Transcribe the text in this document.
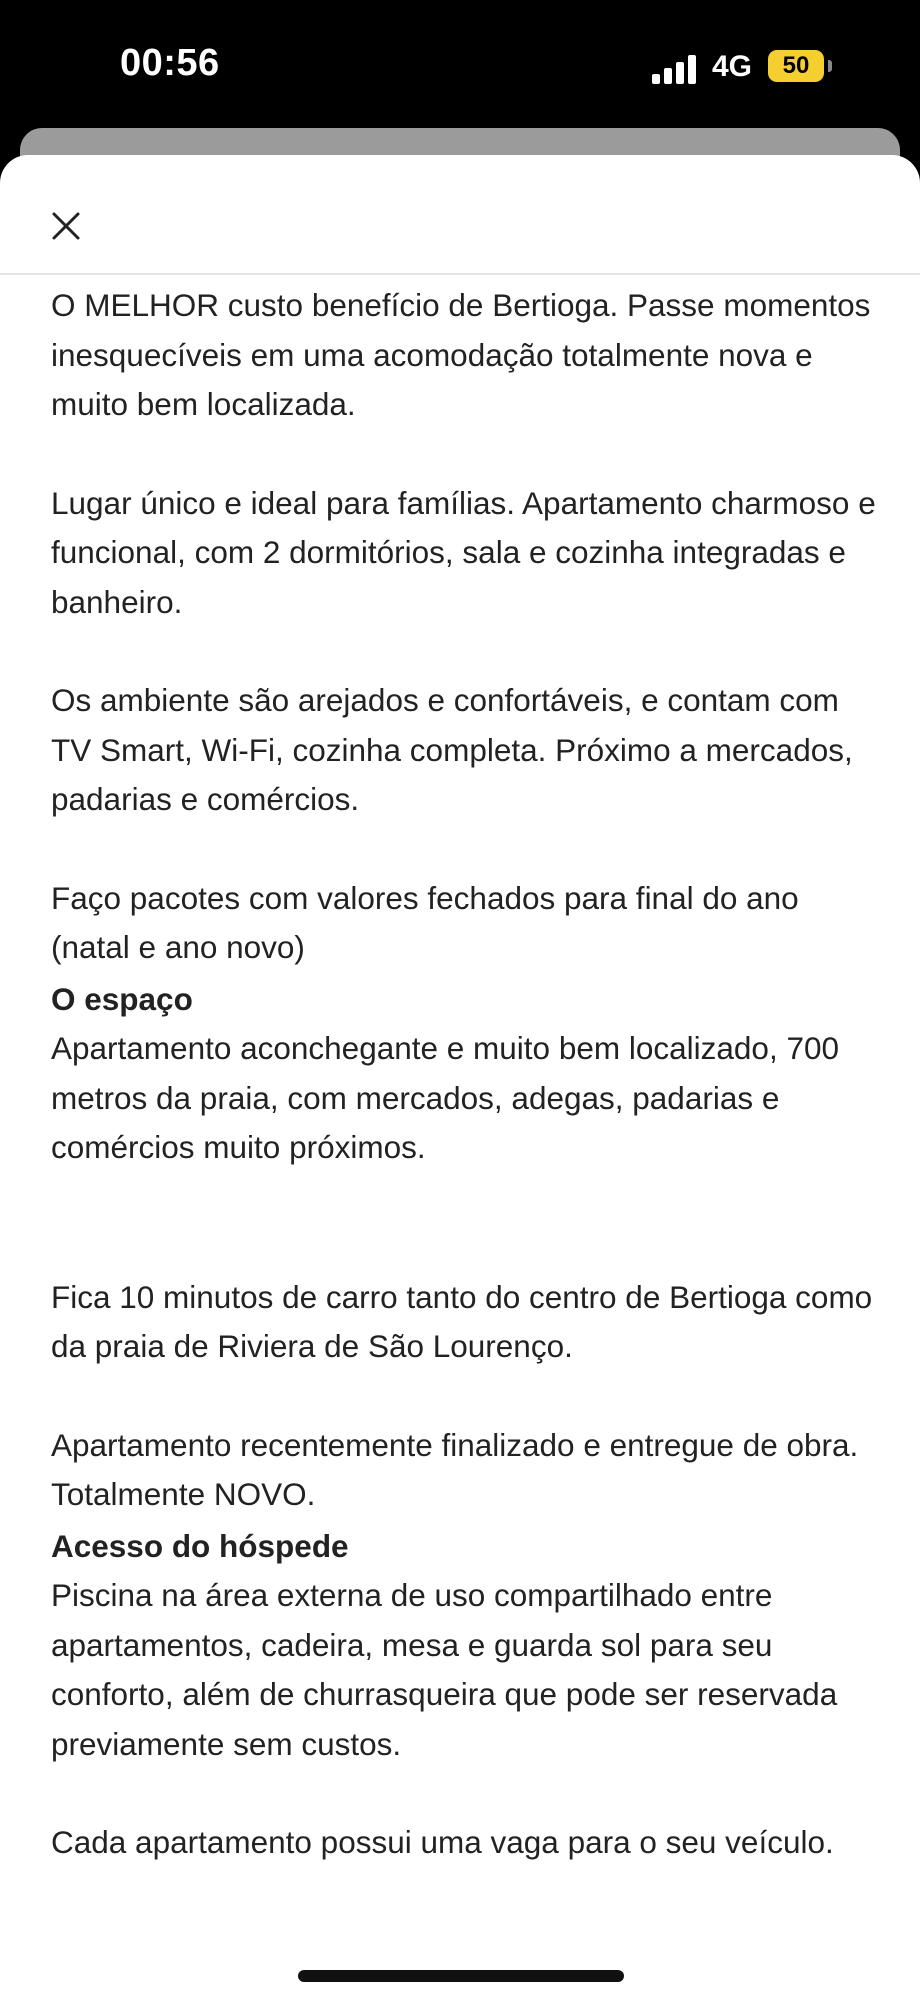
00:56	4G	50

O MELHOR custo benefício de Bertioga. Passe momentos inesquecíveis em uma acomodação totalmente nova e muito bem localizada.

Lugar único e ideal para famílias. Apartamento charmoso e funcional, com 2 dormitórios, sala e cozinha integradas e banheiro.

Os ambiente são arejados e confortáveis, e contam com TV Smart, Wi-Fi, cozinha completa. Próximo a mercados, padarias e comércios.

Faço pacotes com valores fechados para final do ano (natal e ano novo)

O espaço

Apartamento aconchegante e muito bem localizado, 700 metros da praia, com mercados, adegas, padarias e comércios muito próximos.

Fica 10 minutos de carro tanto do centro de Bertioga como da praia de Riviera de São Lourenço.

Apartamento recentemente finalizado e entregue de obra. Totalmente NOVO.

Acesso do hóspede

Piscina na área externa de uso compartilhado entre apartamentos, cadeira, mesa e guarda sol para seu conforto, além de churrasqueira que pode ser reservada previamente sem custos.

Cada apartamento possui uma vaga para o seu veículo.
